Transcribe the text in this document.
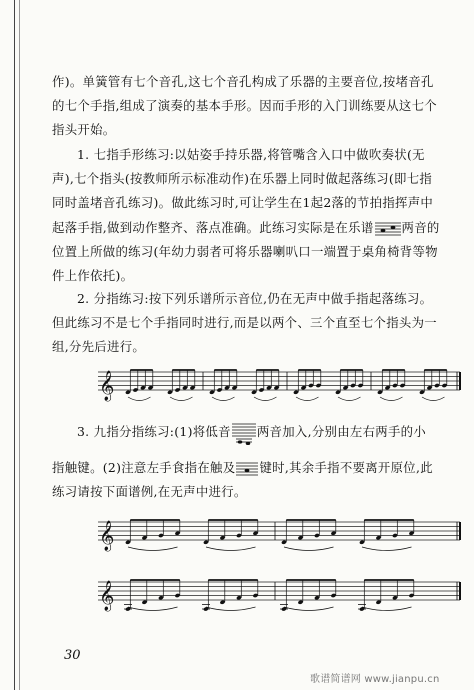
作)。单簧管有七个音孔,这七个音孔构成了乐器的主要音位,按堵音孔
的七个手指,组成了演奏的基本手形。因而手形的入门训练要从这七个
指头开始。
1. 七指手形练习:以姑姿手持乐器,将管嘴含入口中做吹奏状(无
声),七个指头(按教师所示标准动作)在乐器上同时做起落练习(即七指
同时盖堵音孔练习)。做此练习时,可让学生在1起2落的节拍指挥声中
起落手指,做到动作整齐、落点准确。此练习实际是在乐谱 两音的
位置上所做的练习(年幼力弱者可将乐器喇叭口一端置于桌角椅背等物
件上作依托)。
2. 分指练习:按下列乐谱所示音位,仍在无声中做手指起落练习。
但此练习不是七个手指同时进行,而是以两个、三个直至七个指头为一
组,分先后进行。
𝄞
3. 九指分指练习:(1)将低音 两音加入,分别由左右两手的小
指触键。(2)注意左手食指在触及 键时,其余手指不要离开原位,此
练习请按下面谱例,在无声中进行。
𝄞
𝄞
30
歌谱简谱网 www.jianpu.cn
